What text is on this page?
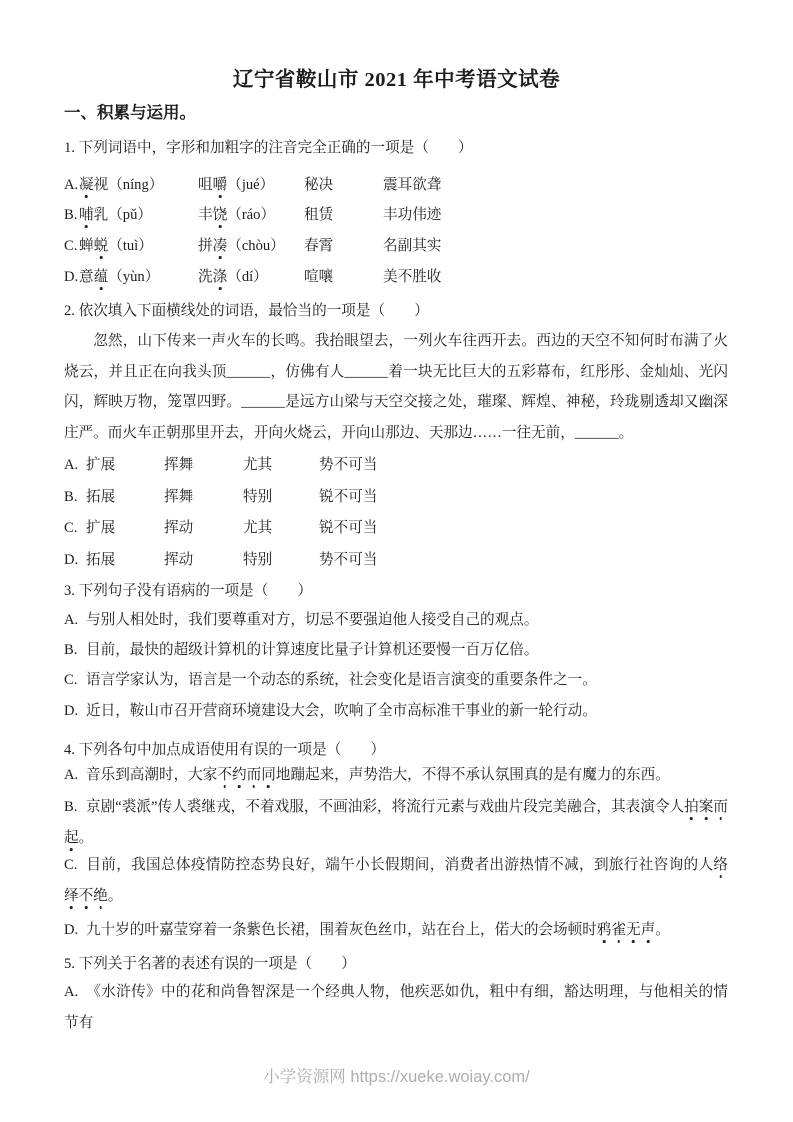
辽宁省鞍山市 2021 年中考语文试卷
一、积累与运用。
1. 下列词语中，字形和加粗字的注音完全正确的一项是（　　）
A.凝视（níng） 咀嚼（jué） 秘决	震耳欲聋
B. 哺乳（pǔ）	丰饶（ráo） 租赁	丰功伟迹
C. 蝉蜕（tuì）	拼凑（chòu） 春霄	名副其实
D.意蕴（yùn）	洗涤（dí） 喧嚷	美不胜收
2. 依次填入下面横线处的词语，最恰当的一项是（　　）
忽然，山下传来一声火车的长鸣。我抬眼望去，一列火车往西开去。西边的天空不知何时布满了火烧云，并且正在向我头顶______，仿佛有人______着一块无比巨大的五彩幕布，红彤彤、金灿灿、光闪闪，辉映万物，笼罩四野。______是远方山梁与天空交接之处，璀璨、辉煌、神秘，玲珑剔透却又幽深庄严。而火车正朝那里开去，开向火烧云，开向山那边、天那边……一往无前，______。
A. 扩展	挥舞	尤其	势不可当
B. 拓展	挥舞	特别	锐不可当
C. 扩展	挥动	尤其	锐不可当
D. 拓展	挥动	特别	势不可当
3. 下列句子没有语病的一项是（　　）
A. 与别人相处时，我们要尊重对方，切忌不要强迫他人接受自己的观点。
B. 目前，最快的超级计算机的计算速度比量子计算机还要慢一百万亿倍。
C. 语言学家认为，语言是一个动态的系统，社会变化是语言演变的重要条件之一。
D. 近日，鞍山市召开营商环境建设大会，吹响了全市高标准干事业的新一轮行动。
4. 下列各句中加点成语使用有误的一项是（　　）
A. 音乐到高潮时，大家不约而同地蹦起来，声势浩大，不得不承认氛围真的是有魔力的东西。
B. 京剧“裘派”传人裘继戎，不着戏服，不画油彩，将流行元素与戏曲片段完美融合，其表演令人拍案而起。
C. 目前，我国总体疫情防控态势良好，端午小长假期间，消费者出游热情不减，到旅行社咨询的人络绎不绝。
D. 九十岁的叶嘉莹穿着一条紫色长裙，围着灰色丝巾，站在台上，偌大的会场顿时鸦雀无声。
5. 下列关于名著的表述有误的一项是（　　）
A. 《水浒传》中的花和尚鲁智深是一个经典人物，他疾恶如仇，粗中有细，豁达明理，与他相关的情节有
小学资源网 https://xueke.woiay.com/
